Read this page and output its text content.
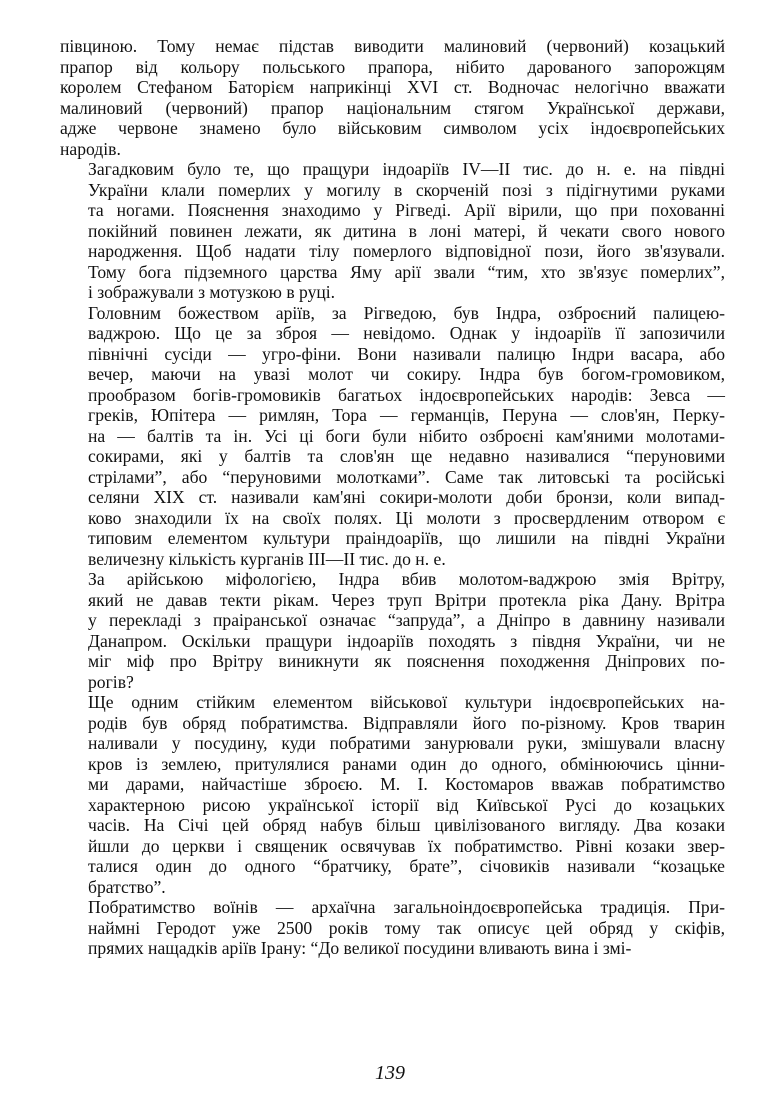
півциною. Тому немає підстав виводити малиновий (червоний) козацький
прапор від кольору польського прапора, нібито дарованого запорожцям
королем Стефаном Баторієм наприкінці XVI ст. Водночас нелогічно вважати
малиновий (червоний) прапор національним стягом Української держави,
адже червоне знамено було військовим символом усіх індоєвропейських
народів.

Загадковим було те, що пращури індоаріїв IV—II тис. до н. е. на півдні
України клали померлих у могилу в скорченій позі з підігнутими руками
та ногами. Пояснення знаходимо у Рігведі. Арії вірили, що при похованні
покійний повинен лежати, як дитина в лоні матері, й чекати свого нового
народження. Щоб надати тілу померлого відповідної пози, його зв'язували.
Тому бога підземного царства Яму арії звали “тим, хто зв'язує померлих”,
і зображували з мотузкою в руці.

Головним божеством аріїв, за Рігведою, був Індра, озброєний палицею-
ваджрою. Що це за зброя — невідомо. Однак у індоаріїв її запозичили
північні сусіди — угро-фіни. Вони називали палицю Індри васара, або
вечер, маючи на увазі молот чи сокиру. Індра був богом-громовиком,
прообразом богів-громовиків багатьох індоєвропейських народів: Зевса —
греків, Юпітера — римлян, Тора — германців, Перуна — слов'ян, Перку-
на — балтів та ін. Усі ці боги були нібито озброєні кам'яними молотами-
сокирами, які у балтів та слов'ян ще недавно називалися “перуновими
стрілами”, або “перуновими молотками”. Саме так литовські та російські
селяни XIX ст. називали кам'яні сокири-молоти доби бронзи, коли випад-
ково знаходили їх на своїх полях. Ці молоти з просвердленим отвором є
типовим елементом культури праіндоаріїв, що лишили на півдні України
величезну кількість курганів III—II тис. до н. е.

За арійською міфологією, Індра вбив молотом-ваджрою змія Врітру,
який не давав текти рікам. Через труп Врітри протекла ріка Дану. Врітра
у перекладі з праіранської означає “запруда”, а Дніпро в давнину називали
Данапром. Оскільки пращури індоаріїв походять з півдня України, чи не
міг міф про Врітру виникнути як пояснення походження Дніпрових по-
рогів?

Ще одним стійким елементом військової культури індоєвропейських на-
родів був обряд побратимства. Відправляли його по-різному. Кров тварин
наливали у посудину, куди побратими занурювали руки, змішували власну
кров із землею, притулялися ранами один до одного, обмінюючись цінни-
ми дарами, найчастіше зброєю. М. І. Костомаров вважав побратимство
характерною рисою української історії від Київської Русі до козацьких
часів. На Січі цей обряд набув більш цивілізованого вигляду. Два козаки
йшли до церкви і священик освячував їх побратимство. Рівні козаки звер-
талися один до одного “братчику, брате”, січовиків називали “козацьке
братство”.

Побратимство воїнів — архаїчна загальноіндоєвропейська традиція. При-
наймні Геродот уже 2500 років тому так описує цей обряд у скіфів,
прямих нащадків аріїв Ірану: “До великої посудини вливають вина і змі-

139
